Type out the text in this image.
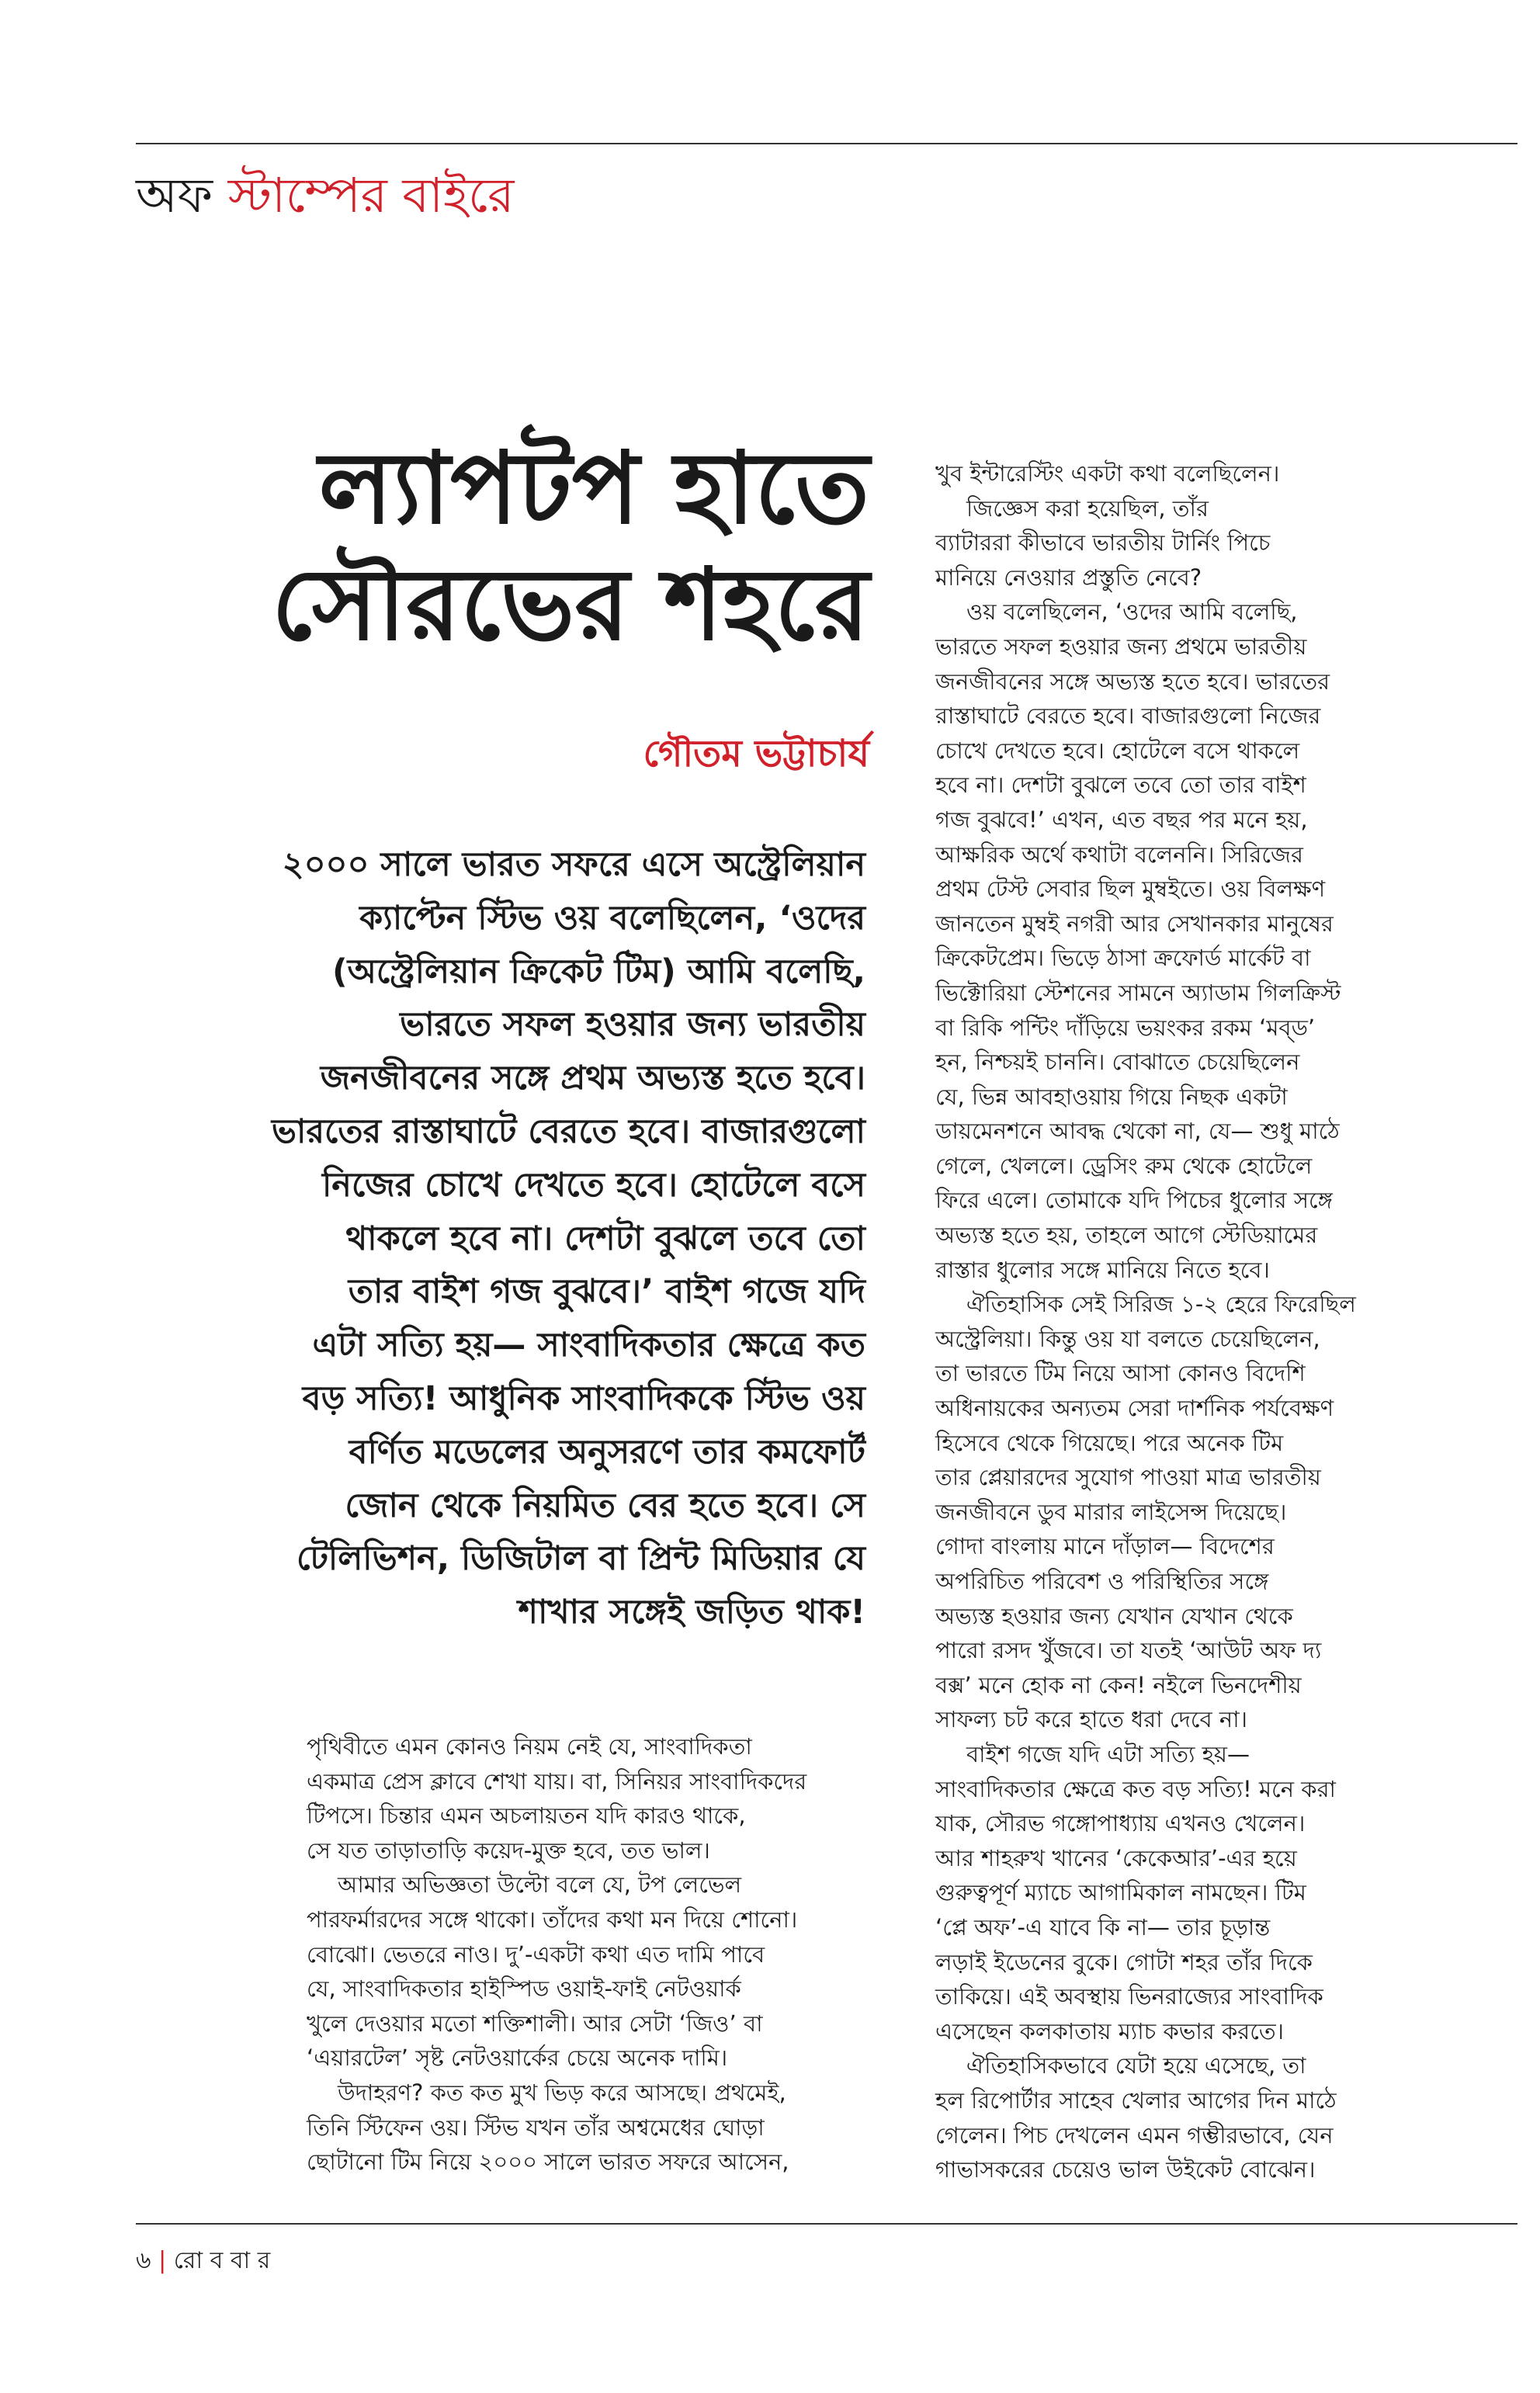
অফ স্টাম্পের বাইরে
ল্যাপটপ হাতে
সৌরভের শহরে
গৌতম ভট্টাচার্য
২০০০ সালে ভারত সফরে এসে অস্ট্রেলিয়ান
ক্যাপ্টেন স্টিভ ওয় বলেছিলেন, ‘ওদের
(অস্ট্রেলিয়ান ক্রিকেট টিম) আমি বলেছি,
ভারতে সফল হওয়ার জন্য ভারতীয়
জনজীবনের সঙ্গে প্রথম অভ্যস্ত হতে হবে।
ভারতের রাস্তাঘাটে বেরতে হবে। বাজারগুলো
নিজের চোখে দেখতে হবে। হোটেলে বসে
থাকলে হবে না। দেশটা বুঝলে তবে তো
তার বাইশ গজ বুঝবে।’ বাইশ গজে যদি
এটা সত্যি হয়— সাংবাদিকতার ক্ষেত্রে কত
বড় সত্যি! আধুনিক সাংবাদিককে স্টিভ ওয়
বর্ণিত মডেলের অনুসরণে তার কমফোর্ট
জোন থেকে নিয়মিত বের হতে হবে। সে
টেলিভিশন, ডিজিটাল বা প্রিন্ট মিডিয়ার যে
শাখার সঙ্গেই জড়িত থাক!
পৃথিবীতে এমন কোনও নিয়ম নেই যে, সাংবাদিকতা
একমাত্র প্রেস ক্লাবে শেখা যায়। বা, সিনিয়র সাংবাদিকদের
টিপসে। চিন্তার এমন অচলায়তন যদি কারও থাকে,
সে যত তাড়াতাড়ি কয়েদ-মুক্ত হবে, তত ভাল।
আমার অভিজ্ঞতা উল্টো বলে যে, টপ লেভেল
পারফর্মারদের সঙ্গে থাকো। তাঁদের কথা মন দিয়ে শোনো।
বোঝো। ভেতরে নাও। দু’-একটা কথা এত দামি পাবে
যে, সাংবাদিকতার হাইস্পিড ওয়াই-ফাই নেটওয়ার্ক
খুলে দেওয়ার মতো শক্তিশালী। আর সেটা ‘জিও’ বা
‘এয়ারটেল’ সৃষ্ট নেটওয়ার্কের চেয়ে অনেক দামি।
উদাহরণ? কত কত মুখ ভিড় করে আসছে। প্রথমেই,
তিনি স্টিফেন ওয়। স্টিভ যখন তাঁর অশ্বমেধের ঘোড়া
ছোটানো টিম নিয়ে ২০০০ সালে ভারত সফরে আসেন,
খুব ইন্টারেস্টিং একটা কথা বলেছিলেন।
জিজ্ঞেস করা হয়েছিল, তাঁর
ব্যাটাররা কীভাবে ভারতীয় টার্নিং পিচে
মানিয়ে নেওয়ার প্রস্তুতি নেবে?
ওয় বলেছিলেন, ‘ওদের আমি বলেছি,
ভারতে সফল হওয়ার জন্য প্রথমে ভারতীয়
জনজীবনের সঙ্গে অভ্যস্ত হতে হবে। ভারতের
রাস্তাঘাটে বেরতে হবে। বাজারগুলো নিজের
চোখে দেখতে হবে। হোটেলে বসে থাকলে
হবে না। দেশটা বুঝলে তবে তো তার বাইশ
গজ বুঝবে!’ এখন, এত বছর পর মনে হয়,
আক্ষরিক অর্থে কথাটা বলেননি। সিরিজের
প্রথম টেস্ট সেবার ছিল মুম্বইতে। ওয় বিলক্ষণ
জানতেন মুম্বই নগরী আর সেখানকার মানুষের
ক্রিকেটপ্রেম। ভিড়ে ঠাসা ক্রফোর্ড মার্কেট বা
ভিক্টোরিয়া স্টেশনের সামনে অ্যাডাম গিলক্রিস্ট
বা রিকি পন্টিং দাঁড়িয়ে ভয়ংকর রকম ‘মব্‌ড’
হন, নিশ্চয়ই চাননি। বোঝাতে চেয়েছিলেন
যে, ভিন্ন আবহাওয়ায় গিয়ে নিছক একটা
ডায়মেনশনে আবদ্ধ থেকো না, যে— শুধু মাঠে
গেলে, খেললে। ড্রেসিং রুম থেকে হোটেলে
ফিরে এলে। তোমাকে যদি পিচের ধুলোর সঙ্গে
অভ্যস্ত হতে হয়, তাহলে আগে স্টেডিয়ামের
রাস্তার ধুলোর সঙ্গে মানিয়ে নিতে হবে।
ঐতিহাসিক সেই সিরিজ ১-২ হেরে ফিরেছিল
অস্ট্রেলিয়া। কিন্তু ওয় যা বলতে চেয়েছিলেন,
তা ভারতে টিম নিয়ে আসা কোনও বিদেশি
অধিনায়কের অন্যতম সেরা দার্শনিক পর্যবেক্ষণ
হিসেবে থেকে গিয়েছে। পরে অনেক টিম
তার প্লেয়ারদের সুযোগ পাওয়া মাত্র ভারতীয়
জনজীবনে ডুব মারার লাইসেন্স দিয়েছে।
গোদা বাংলায় মানে দাঁড়াল— বিদেশের
অপরিচিত পরিবেশ ও পরিস্থিতির সঙ্গে
অভ্যস্ত হওয়ার জন্য যেখান যেখান থেকে
পারো রসদ খুঁজবে। তা যতই ‘আউট অফ দ্য
বক্স’ মনে হোক না কেন! নইলে ভিনদেশীয়
সাফল্য চট করে হাতে ধরা দেবে না।
বাইশ গজে যদি এটা সত্যি হয়—
সাংবাদিকতার ক্ষেত্রে কত বড় সত্যি! মনে করা
যাক, সৌরভ গঙ্গোপাধ্যায় এখনও খেলেন।
আর শাহরুখ খানের ‘কেকেআর’-এর হয়ে
গুরুত্বপূর্ণ ম্যাচে আগামিকাল নামছেন। টিম
‘প্লে অফ’-এ যাবে কি না— তার চূড়ান্ত
লড়াই ইডেনের বুকে। গোটা শহর তাঁর দিকে
তাকিয়ে। এই অবস্থায় ভিনরাজ্যের সাংবাদিক
এসেছেন কলকাতায় ম্যাচ কভার করতে।
ঐতিহাসিকভাবে যেটা হয়ে এসেছে, তা
হল রিপোর্টার সাহেব খেলার আগের দিন মাঠে
গেলেন। পিচ দেখলেন এমন গম্ভীরভাবে, যেন
গাভাসকরের চেয়েও ভাল উইকেট বোঝেন।
৬ | রো ব বা র
